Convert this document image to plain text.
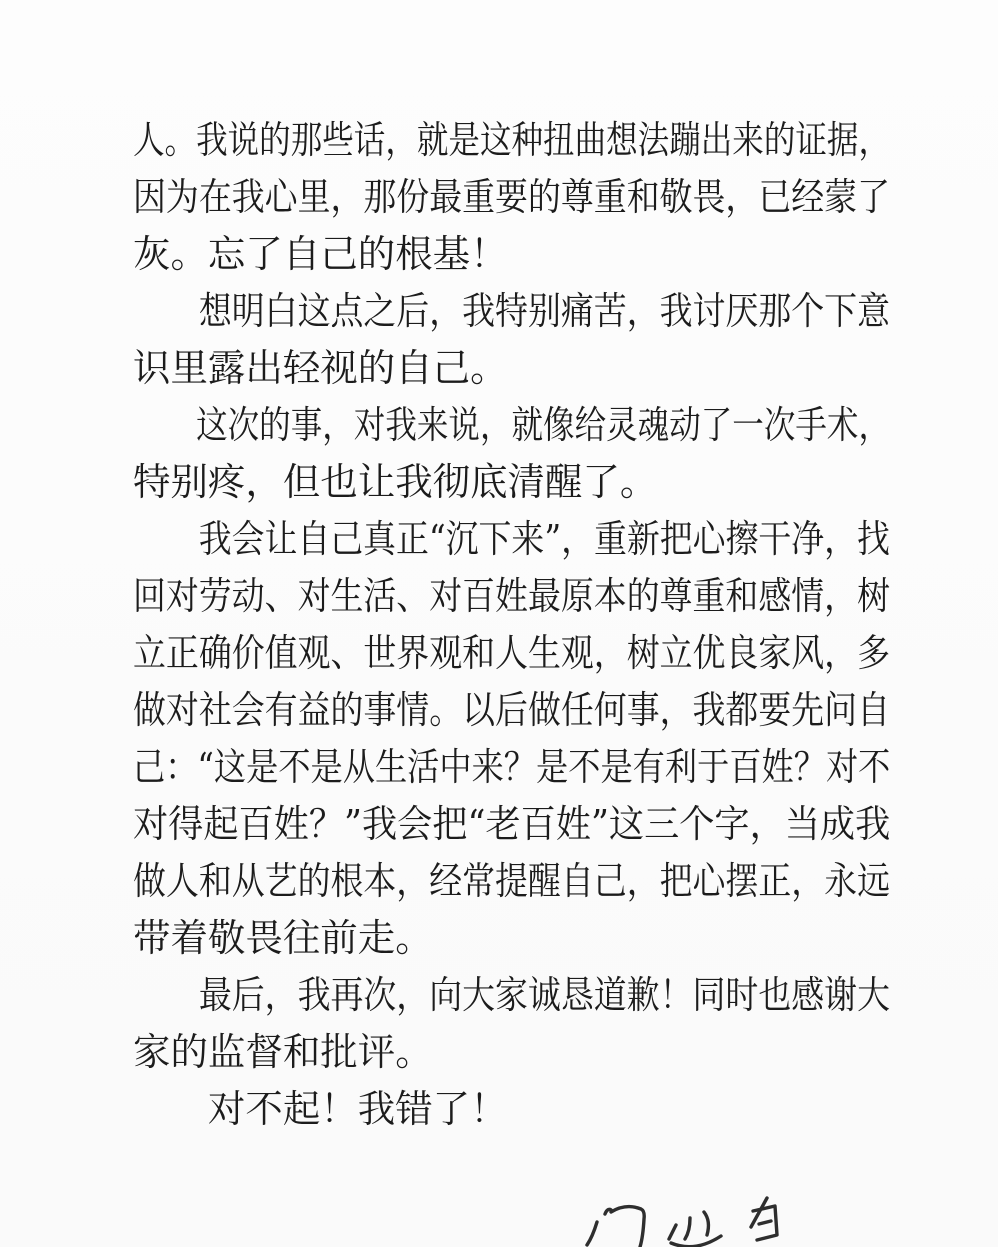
人。我说的那些话，就是这种扭曲想法蹦出来的证据，
因为在我心里，那份最重要的尊重和敬畏，已经蒙了
灰。忘了自己的根基！
想明白这点之后，我特别痛苦，我讨厌那个下意
识里露出轻视的自己。
这次的事，对我来说，就像给灵魂动了一次手术，
特别疼，但也让我彻底清醒了。
我会让自己真正“沉下来”，重新把心擦干净，找
回对劳动、对生活、对百姓最原本的尊重和感情，树
立正确价值观、世界观和人生观，树立优良家风，多
做对社会有益的事情。以后做任何事，我都要先问自
己：“这是不是从生活中来？是不是有利于百姓？对不
对得起百姓？”我会把“老百姓”这三个字，当成我
做人和从艺的根本，经常提醒自己，把心摆正，永远
带着敬畏往前走。
最后，我再次，向大家诚恳道歉！同时也感谢大
家的监督和批评。
对不起！我错了！
